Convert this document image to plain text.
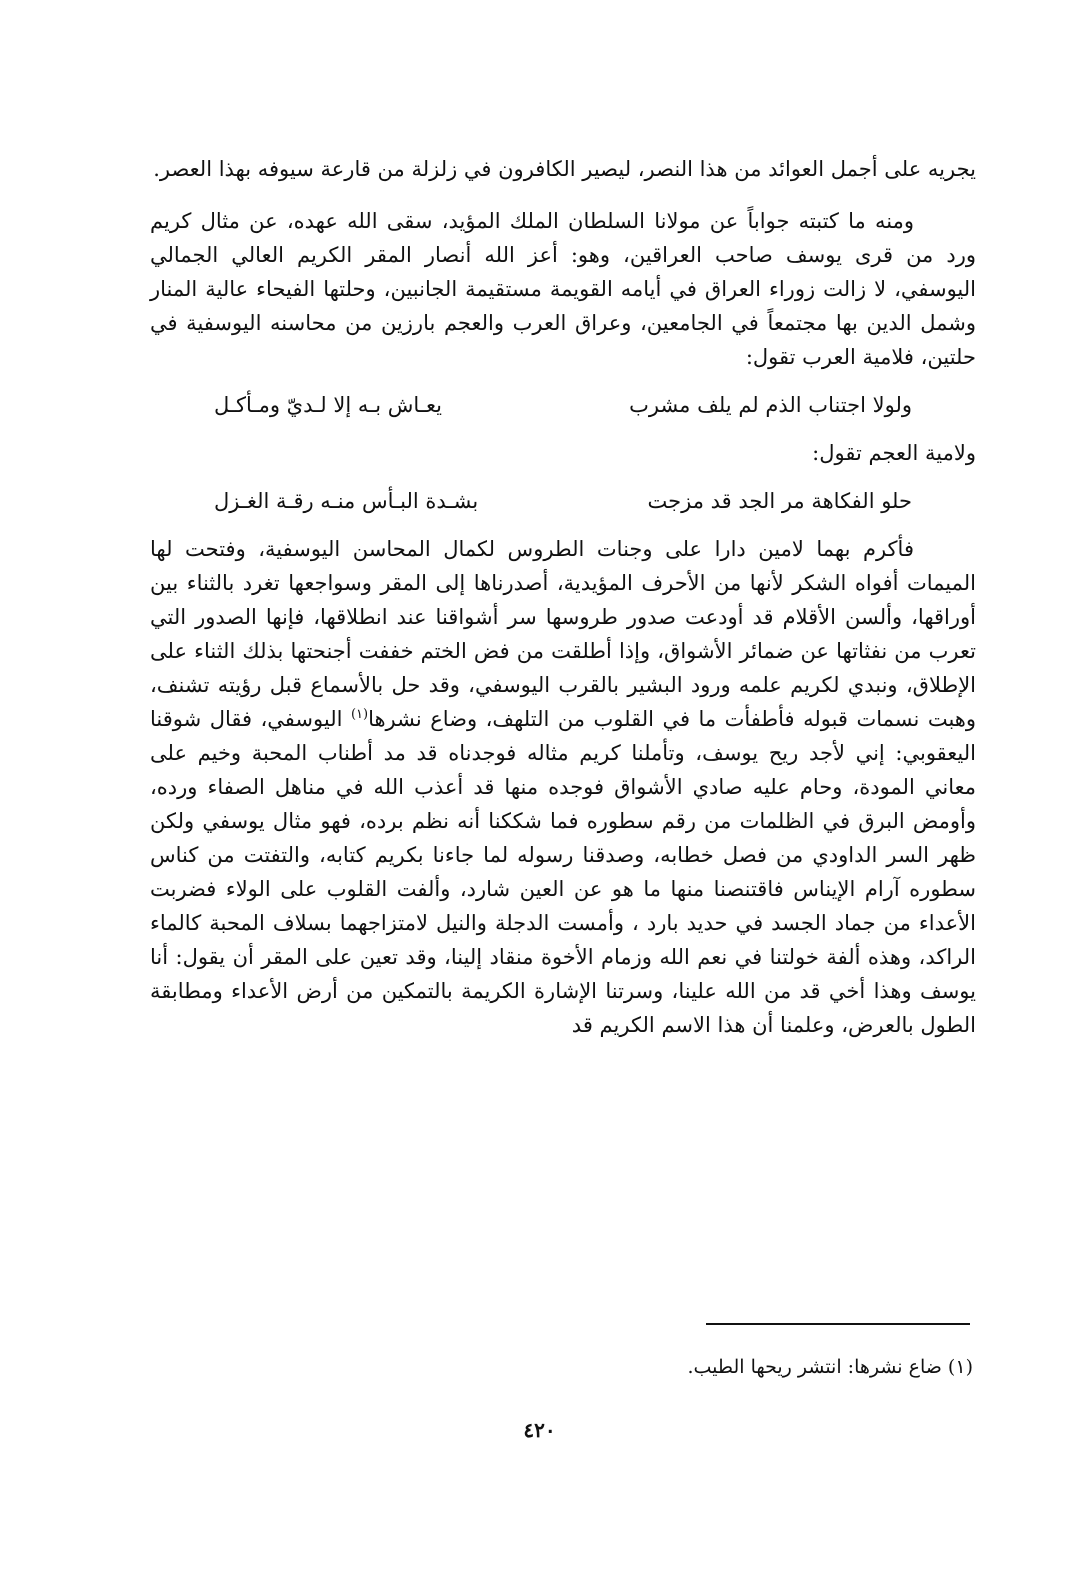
يجريه على أجمل العوائد من هذا النصر، ليصير الكافرون في زلزلة من قارعة سيوفه بهذا العصر.

ومنه ما كتبته جواباً عن مولانا السلطان الملك المؤيد، سقى الله عهده، عن مثال كريم ورد من قرى يوسف صاحب العراقين، وهو: أعز الله أنصار المقر الكريم العالي الجمالي اليوسفي، لا زالت زوراء العراق في أيامه القويمة مستقيمة الجانبين، وحلتها الفيحاء عالية المنار وشمل الدين بها مجتمعاً في الجامعين، وعراق العرب والعجم بارزين من محاسنه اليوسفية في حلتين، فلامية العرب تقول:

ولولا اجتناب الذم لم يلف مشرب
يعـاش بـه إلا لـديّ ومـأكـل

ولامية العجم تقول:

حلو الفكاهة مر الجد قد مزجت
بشـدة البـأس منـه رقـة الغـزل

فأكرم بهما لامين دارا على وجنات الطروس لكمال المحاسن اليوسفية، وفتحت لها الميمات أفواه الشكر لأنها من الأحرف المؤيدية، أصدرناها إلى المقر وسواجعها تغرد بالثناء بين أوراقها، وألسن الأقلام قد أودعت صدور طروسها سر أشواقنا عند انطلاقها، فإنها الصدور التي تعرب من نفثاتها عن ضمائر الأشواق، وإذا أطلقت من فض الختم خففت أجنحتها بذلك الثناء على الإطلاق، ونبدي لكريم علمه ورود البشير بالقرب اليوسفي، وقد حل بالأسماع قبل رؤيته تشنف، وهبت نسمات قبوله فأطفأت ما في القلوب من التلهف، وضاع نشرها$^{(١)}$ اليوسفي، فقال شوقنا اليعقوبي: إني لأجد ريح يوسف، وتأملنا كريم مثاله فوجدناه قد مد أطناب المحبة وخيم على معاني المودة، وحام عليه صادي الأشواق فوجده منها قد أعذب الله في مناهل الصفاء ورده، وأومض البرق في الظلمات من رقم سطوره فما شككنا أنه نظم برده، فهو مثال يوسفي ولكن ظهر السر الداودي من فصل خطابه، وصدقنا رسوله لما جاءنا بكريم كتابه، والتفتت من كناس سطوره آرام الإيناس فاقتنصنا منها ما هو عن العين شارد، وألفت القلوب على الولاء فضربت الأعداء من جماد الجسد في حديد بارد ، وأمست الدجلة والنيل لامتزاجهما بسلاف المحبة كالماء الراكد، وهذه ألفة خولتنا في نعم الله وزمام الأخوة منقاد إلينا، وقد تعين على المقر أن يقول: أنا يوسف وهذا أخي قد من الله علينا، وسرتنا الإشارة الكريمة بالتمكين من أرض الأعداء ومطابقة الطول بالعرض، وعلمنا أن هذا الاسم الكريم قد

(١) ضاع نشرها: انتشر ريحها الطيب.
٤٢٠
